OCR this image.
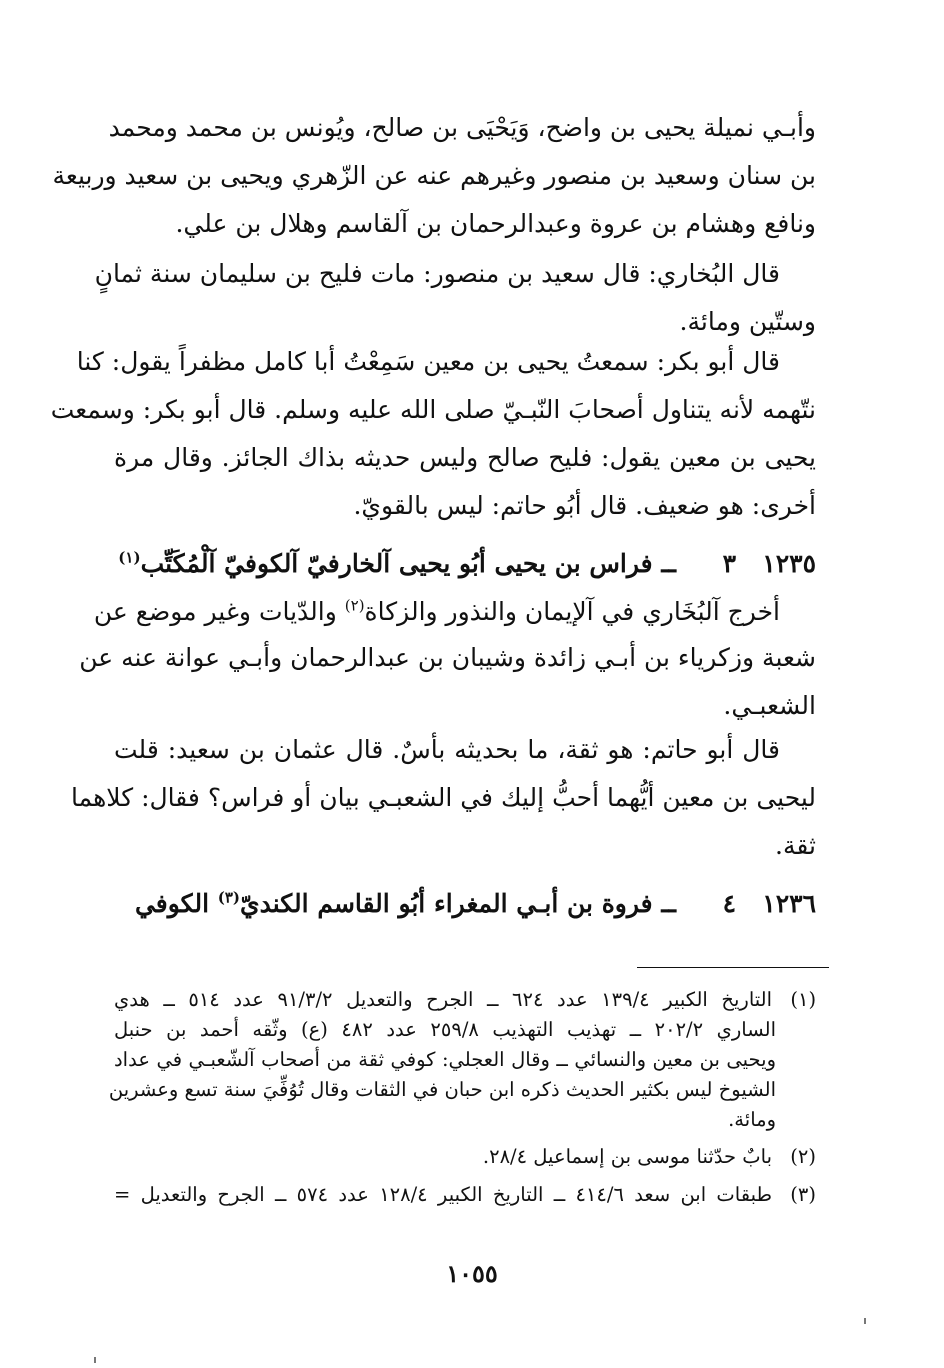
وأبـي نميلة يحيى بن واضح، وَيَحْيَى بن صالح، ويُونس بن محمد ومحمد
بن سنان وسعيد بن منصور وغيرهم عنه عن الزّهري ويحيى بن سعيد وربيعة
ونافع وهشام بن عروة وعبدالرحمان بن آلقاسم وهلال بن علي.
قال البُخاري: قال سعيد بن منصور: مات فليح بن سليمان سنة ثمانٍ
وستّين ومائة.
قال أبو بكر: سمعتُ يحيى بن معين سَمِعْتُ أبا كامل مظفراً يقول: كنا
نتّهمه لأنه يتناول أصحابَ النّبـيّ صلى الله عليه وسلم. قال أبو بكر: وسمعت
يحيى بن معين يقول: فليح صالح وليس حديثه بذاك الجائز. وقال مرة
أخرى: هو ضعيف. قال أبُو حاتم: ليس بالقويّ.
١٢٣٥٣ــ فراس بن يحيى أبُو يحيى آلخارفيّ آلكوفيّ آلْمُكَتِّب$^{(١)}$
أخرج آلبُخَاري في آلإيمان والنذور والزكاة$^{(٢)}$ والدّيات وغير موضع عن
شعبة وزكرياء بن أبـي زائدة وشيبان بن عبدالرحمان وأبـي عوانة عنه عن
الشعبـي.
قال أبو حاتم: هو ثقة، ما بحديثه بأسٌ. قال عثمان بن سعيد: قلت
ليحيى بن معين أيُّهما أحبُّ إليك في الشعبـي بيان أو فراس؟ فقال: كلاهما
ثقة.
١٢٣٦٤ــ فروة بن أبـي المغراء أبُو القاسم الكنديّ$^{(٣)}$ الكوفي
(١)التاريخ الكبير ١٣٩/٤ عدد ٦٢٤ ــ الجرح والتعديل ٩١/٣/٢ عدد ٥١٤ ــ هدي
الساري ٢٠٢/٢ ــ تهذيب التهذيب ٢٥٩/٨ عدد ٤٨٢ (ع) وثّقه أحمد بن حنبل
ويحيى بن معين والنسائي ــ وقال العجلي: كوفي ثقة من أصحاب آلشّعبـي في عداد
الشيوخ ليس بكثير الحديث ذكره ابن حبان في الثقات وقال تُوُفِّيَ سنة تسع وعشرين
ومائة.
(٢)بابٌ حدّثنا موسى بن إسماعيل ٢٨/٤.
(٣)طبقات ابن سعد ٤١٤/٦ ــ التاريخ الكبير ١٢٨/٤ عدد ٥٧٤ ــ الجرح والتعديل =
١٠٥٥
